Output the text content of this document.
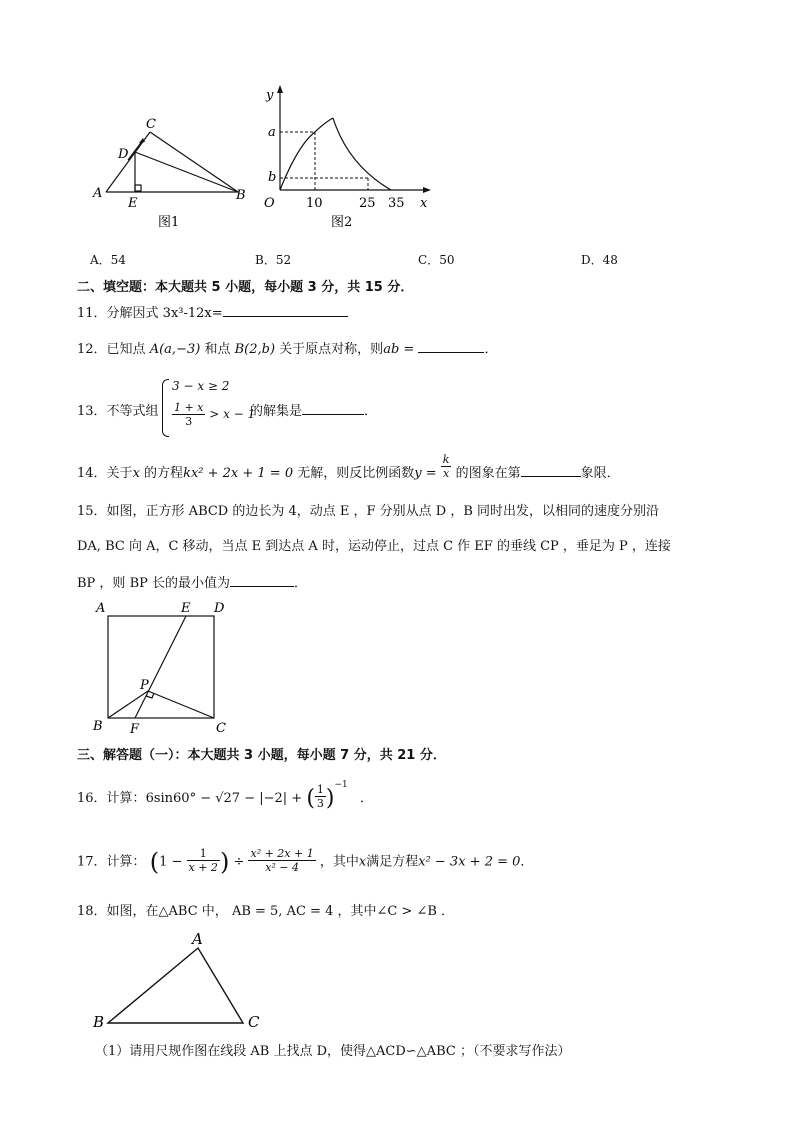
C
D
A
E
B
图1
y
a
b
O 10
12
25 35 x
图2
A．54	B．52	C．50	D．48
二、填空题：本大题共 5 小题，每小题 3 分，共 15 分．
11．分解因式 3x³-12x=
12．已知点 A(a,−3) 和点 B(2,b) 关于原点对称，则ab =	．
13．不等式组
3 − x ≥ 2
$\frac{1 + x}{3} > x - 1$
的解集是	．
14．关于x 的方程kx² + 2x + 1 = 0 无解，则反比例函数$y = \frac{k}{x}$ 的图象在第	象限．
15．如图，正方形 ABCD 的边长为 4，动点 E ，F 分别从点 D ，B 同时出发，以相同的速度分别沿
DA, BC 向 A，C 移动，当点 E 到达点 A 时，运动停止，过点 C 作 EF 的垂线 CP ，垂足为 P ，连接
BP ，则 BP 长的最小值为	．
A	E D
P
B F	C
三、解答题（一）：本大题共 3 小题，每小题 7 分，共 21 分．
16．计算：6sin60° − √27 − |−2| + ( $\frac{1}{3} )^{-1}$ ．
17．计算： ($1 - \frac{1}{x + 2}$ ) ÷ $\frac{\text{x² + 2x + 1}}{\text{x² − 4}}$ ，其中x满足方程x² − 3x + 2 = 0．
18．如图，在△ABC 中， AB = 5, AC = 4 ，其中∠C > ∠B ．
A
B	C
（1）请用尺规作图在线段 AB 上找点 D，使得△ACD∽△ABC ；（不要求写作法）
